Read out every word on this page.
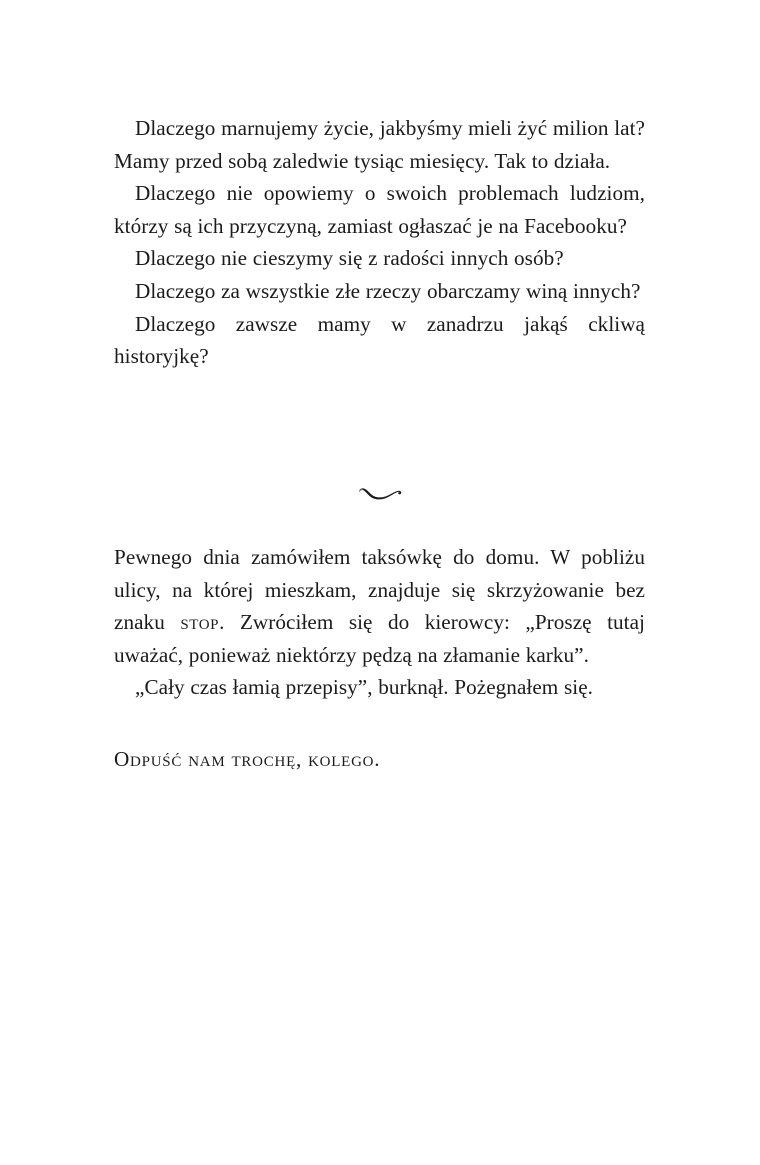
Dlaczego marnujemy życie, jakbyśmy mieli żyć milion lat? Mamy przed sobą zaledwie tysiąc miesięcy. Tak to działa.

Dlaczego nie opowiemy o swoich problemach ludziom, którzy są ich przyczyną, zamiast ogłaszać je na Facebooku?

Dlaczego nie cieszymy się z radości innych osób?

Dlaczego za wszystkie złe rzeczy obarczamy winą innych?

Dlaczego zawsze mamy w zanadrzu jakąś ckliwą historyjkę?

Pewnego dnia zamówiłem taksówkę do domu. W pobliżu ulicy, na której mieszkam, znajduje się skrzyżowanie bez znaku stop. Zwróciłem się do kierowcy: „Proszę tutaj uważać, ponieważ niektórzy pędzą na złamanie karku”.

„Cały czas łamią przepisy”, burknął. Pożegnałem się.

Odpuść nam trochę, kolego.
